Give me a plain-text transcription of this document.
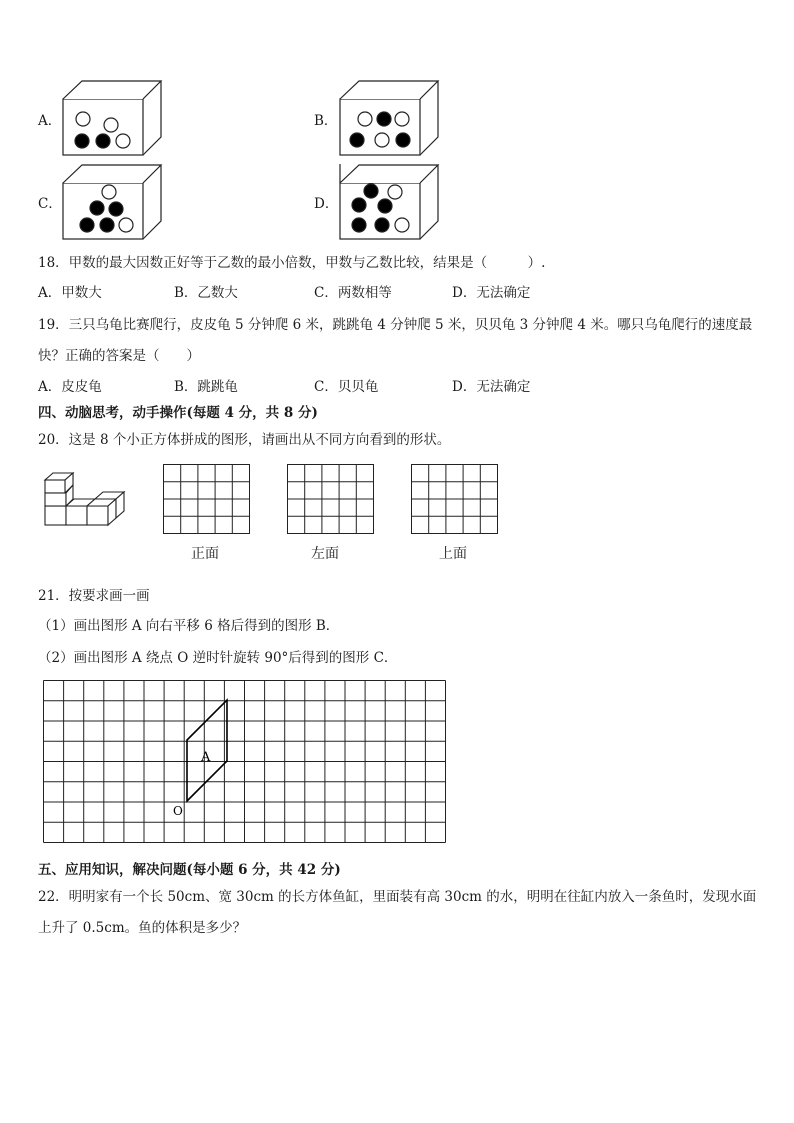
A．	B．
C．	D．
18．甲数的最大因数正好等于乙数的最小倍数，甲数与乙数比较，结果是（　　　）.
A．甲数大	B．乙数大	C．两数相等	D．无法确定
19．三只乌龟比赛爬行，皮皮龟 5 分钟爬 6 米，跳跳龟 4 分钟爬 5 米，贝贝龟 3 分钟爬 4 米。哪只乌龟爬行的速度最
快？正确的答案是（　　）
A．皮皮龟	B．跳跳龟	C．贝贝龟	D．无法确定
四、动脑思考，动手操作(每题 4 分，共 8 分)
20．这是 8 个小正方体拼成的图形，请画出从不同方向看到的形状。
正面	左面	上面
21．按要求画一画
（1）画出图形 A 向右平移 6 格后得到的图形 B．
（2）画出图形 A 绕点 O 逆时针旋转 90°后得到的图形 C．
A
O
五、应用知识，解决问题(每小题 6 分，共 42 分)
22．明明家有一个长 50cm、宽 30cm 的长方体鱼缸，里面装有高 30cm 的水，明明在往缸内放入一条鱼时，发现水面
上升了 0.5cm。鱼的体积是多少？
